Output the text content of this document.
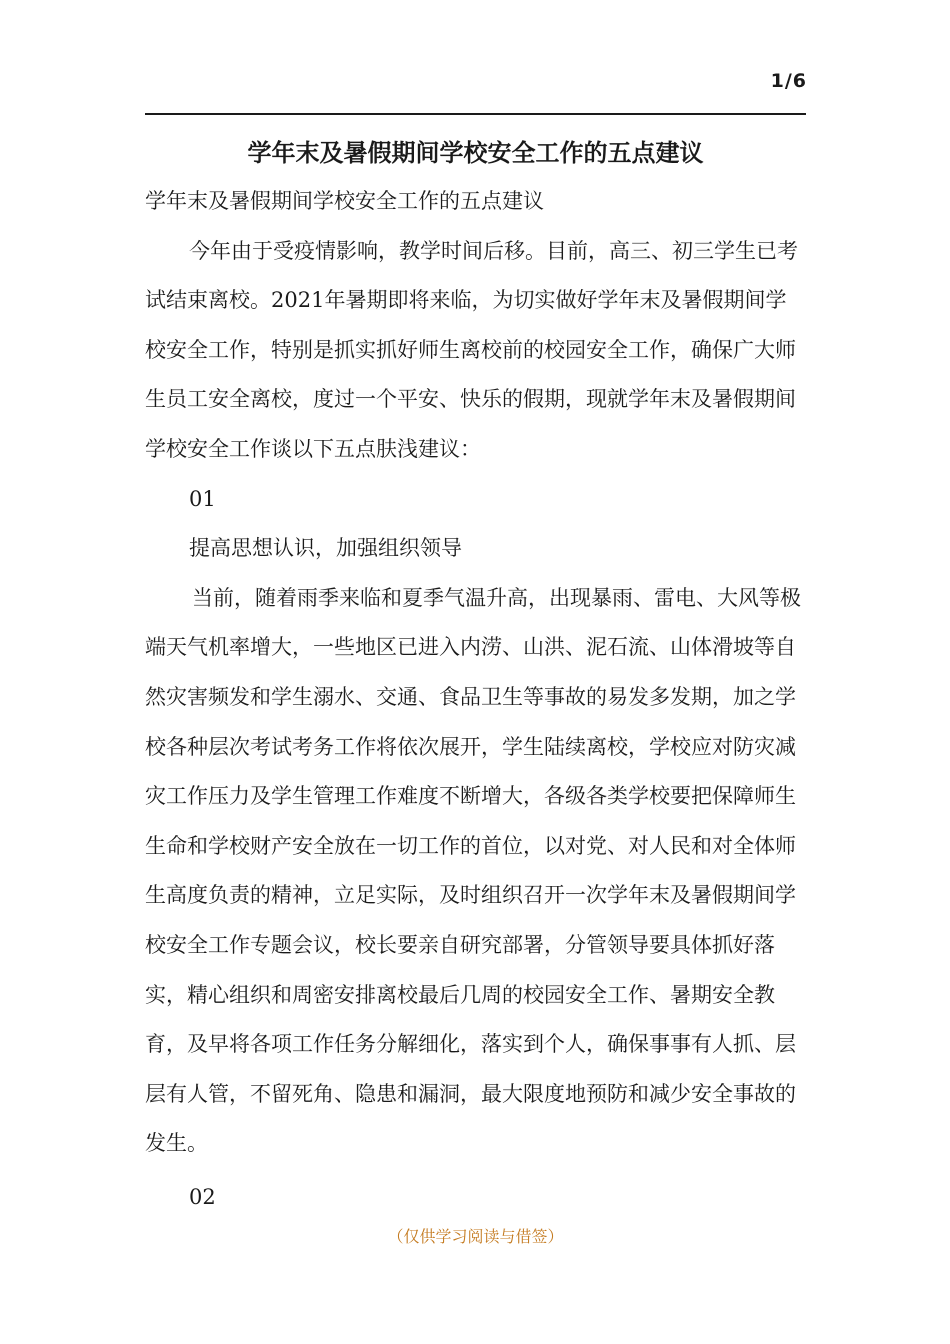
1/6
学年末及暑假期间学校安全工作的五点建议

学年末及暑假期间学校安全工作的五点建议

今年由于受疫情影响，教学时间后移。目前，高三、初三学生已考试结束离校。2021年暑期即将来临，为切实做好学年末及暑假期间学校安全工作，特别是抓实抓好师生离校前的校园安全工作，确保广大师生员工安全离校，度过一个平安、快乐的假期，现就学年末及暑假期间学校安全工作谈以下五点肤浅建议：

01

提高思想认识，加强组织领导

当前，随着雨季来临和夏季气温升高，出现暴雨、雷电、大风等极端天气机率增大，一些地区已进入内涝、山洪、泥石流、山体滑坡等自然灾害频发和学生溺水、交通、食品卫生等事故的易发多发期，加之学校各种层次考试考务工作将依次展开，学生陆续离校，学校应对防灾减灾工作压力及学生管理工作难度不断增大，各级各类学校要把保障师生生命和学校财产安全放在一切工作的首位，以对党、对人民和对全体师生高度负责的精神，立足实际，及时组织召开一次学年末及暑假期间学校安全工作专题会议，校长要亲自研究部署，分管领导要具体抓好落实，精心组织和周密安排离校最后几周的校园安全工作、暑期安全教育，及早将各项工作任务分解细化，落实到个人，确保事事有人抓、层层有人管，不留死角、隐患和漏洞，最大限度地预防和减少安全事故的发生。

02

（仅供学习阅读与借签）
